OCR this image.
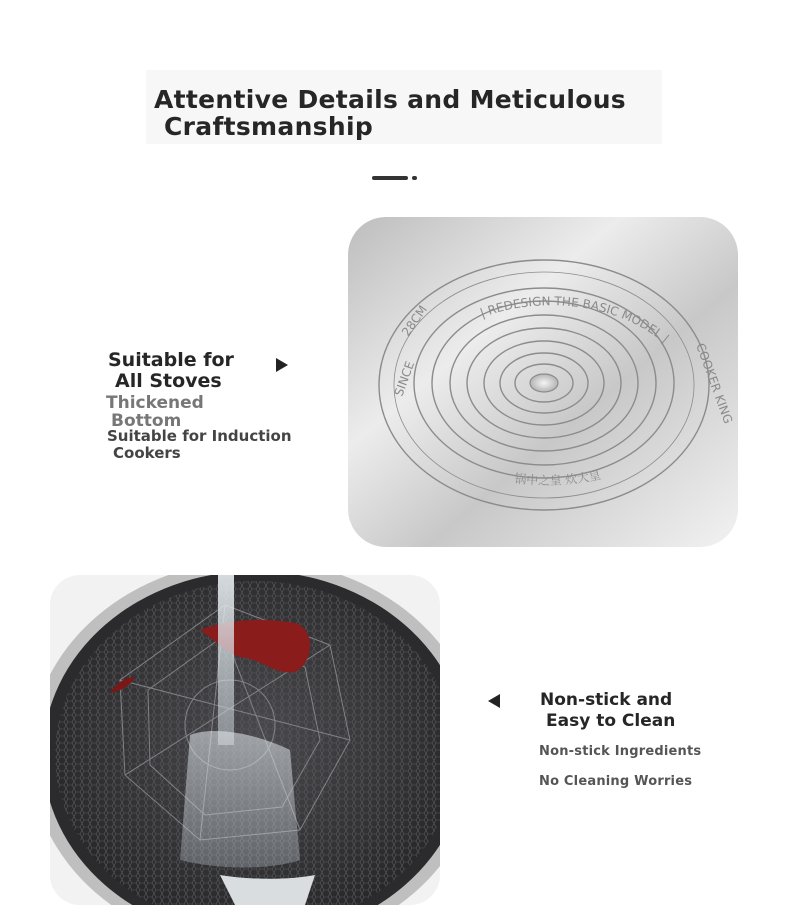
Attentive Details and Meticulous
Craftsmanship
Suitable for
All Stoves
Thickened
Bottom
Suitable for Induction
Cookers
| REDESIGN THE BASIC MODEL |
SINCE
28CM
COOKER KING
锅中之皇 炊大皇
Non-stick and
Easy to Clean
Non-stick Ingredients
No Cleaning Worries
